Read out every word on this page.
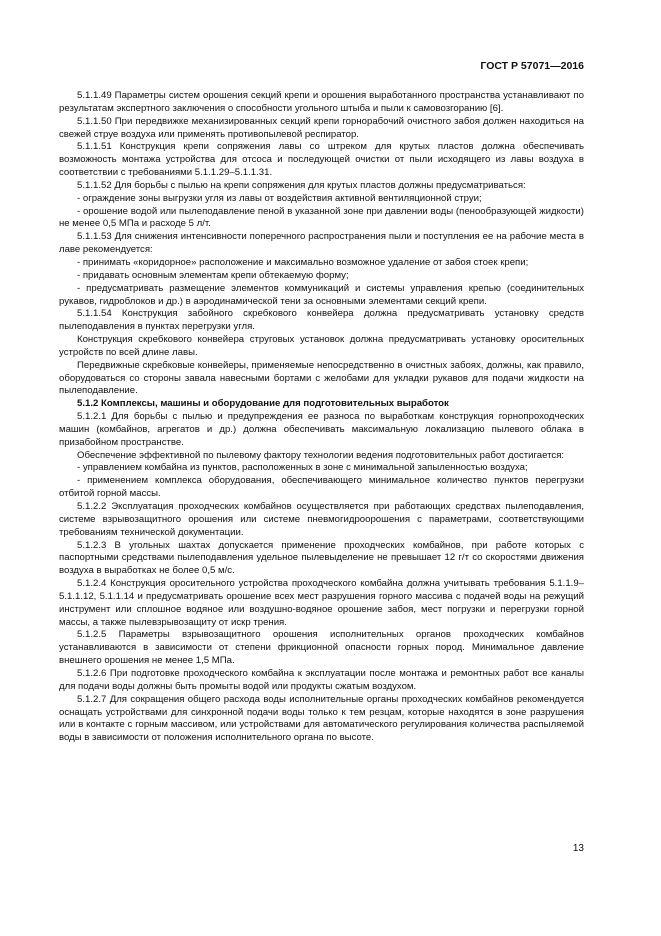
ГОСТ Р 57071—2016

5.1.1.49 Параметры систем орошения секций крепи и орошения выработанного пространства устанавливают по результатам экспертного заключения о способности угольного штыба и пыли к самовозгоранию [6].

5.1.1.50 При передвижке механизированных секций крепи горнорабочий очистного забоя должен находиться на свежей струе воздуха или применять противопылевой респиратор.

5.1.1.51 Конструкция крепи сопряжения лавы со штреком для крутых пластов должна обеспечивать возможность монтажа устройства для отсоса и последующей очистки от пыли исходящего из лавы воздуха в соответствии с требованиями 5.1.1.29–5.1.1.31.

5.1.1.52 Для борьбы с пылью на крепи сопряжения для крутых пластов должны предусматриваться:

- ограждение зоны выгрузки угля из лавы от воздействия активной вентиляционной струи;

- орошение водой или пылеподавление пеной в указанной зоне при давлении воды (пенообразующей жидкости) не менее 0,5 МПа и расходе 5 л/т.

5.1.1.53 Для снижения интенсивности поперечного распространения пыли и поступления ее на рабочие места в лаве рекомендуется:

- принимать «коридорное» расположение и максимально возможное удаление от забоя стоек крепи;

- придавать основным элементам крепи обтекаемую форму;

- предусматривать размещение элементов коммуникаций и системы управления крепью (соединительных рукавов, гидроблоков и др.) в аэродинамической тени за основными элементами секций крепи.

5.1.1.54 Конструкция забойного скребкового конвейера должна предусматривать установку средств пылеподавления в пунктах перегрузки угля.

Конструкция скребкового конвейера струговых установок должна предусматривать установку оросительных устройств по всей длине лавы.

Передвижные скребковые конвейеры, применяемые непосредственно в очистных забоях, должны, как правило, оборудоваться со стороны завала навесными бортами с желобами для укладки рукавов для подачи жидкости на пылеподавление.

5.1.2 Комплексы, машины и оборудование для подготовительных выработок

5.1.2.1 Для борьбы с пылью и предупреждения ее разноса по выработкам конструкция горнопроходческих машин (комбайнов, агрегатов и др.) должна обеспечивать максимальную локализацию пылевого облака в призабойном пространстве.

Обеспечение эффективной по пылевому фактору технологии ведения подготовительных работ достигается:

- управлением комбайна из пунктов, расположенных в зоне с минимальной запыленностью воздуха;

- применением комплекса оборудования, обеспечивающего минимальное количество пунктов перегрузки отбитой горной массы.

5.1.2.2 Эксплуатация проходческих комбайнов осуществляется при работающих средствах пылеподавления, системе взрывозащитного орошения или системе пневмогидроорошения с параметрами, соответствующими требованиям технической документации.

5.1.2.3 В угольных шахтах допускается применение проходческих комбайнов, при работе которых с паспортными средствами пылеподавления удельное пылевыделение не превышает 12 г/т со скоростями движения воздуха в выработках не более 0,5 м/с.

5.1.2.4 Конструкция оросительного устройства проходческого комбайна должна учитывать требования 5.1.1.9–5.1.1.12, 5.1.1.14 и предусматривать орошение всех мест разрушения горного массива с подачей воды на режущий инструмент или сплошное водяное или воздушно-водяное орошение забоя, мест погрузки и перегрузки горной массы, а также пылевзрывозащиту от искр трения.

5.1.2.5 Параметры взрывозащитного орошения исполнительных органов проходческих комбайнов устанавливаются в зависимости от степени фрикционной опасности горных пород. Минимальное давление внешнего орошения не менее 1,5 МПа.

5.1.2.6 При подготовке проходческого комбайна к эксплуатации после монтажа и ремонтных работ все каналы для подачи воды должны быть промыты водой или продукты сжатым воздухом.

5.1.2.7 Для сокращения общего расхода воды исполнительные органы проходческих комбайнов рекомендуется оснащать устройствами для синхронной подачи воды только к тем резцам, которые находятся в зоне разрушения или в контакте с горным массивом, или устройствами для автоматического регулирования количества распыляемой воды в зависимости от положения исполнительного органа по высоте.

13
